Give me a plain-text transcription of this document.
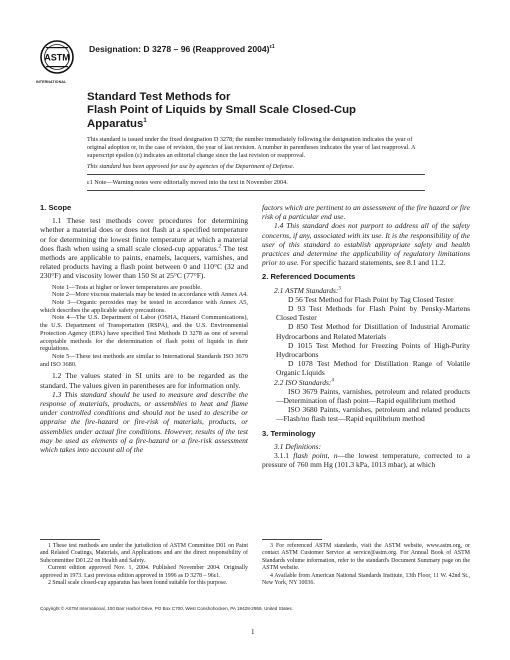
ASTM
INTERNATIONAL
Designation: D 3278 – 96 (Reapproved 2004)$^{\varepsilon 1}$
Standard Test Methods for
Flash Point of Liquids by Small Scale Closed-Cup
Apparatus$^1$
This standard is issued under the fixed designation D 3278; the number immediately following the designation indicates the year of original adoption or, in the case of revision, the year of last revision. A number in parentheses indicates the year of last reapproval. A superscript epsilon (ε) indicates an editorial change since the last revision or reapproval.
This standard has been approved for use by agencies of the Department of Defense.
ε1 Note—Warning notes were editorially moved into the text in November 2004.
1. Scope

1.1 These test methods cover procedures for determining whether a material does or does not flash at a specified temperature or for determining the lowest finite temperature at which a material does flash when using a small scale closed-cup apparatus.$^2$ The test methods are applicable to paints, enamels, lacquers, varnishes, and related products having a flash point between 0 and 110°C (32 and 230°F) and viscosity lower than 150 St at 25°C (77°F).

Note 1—Tests at higher or lower temperatures are possible.

Note 2—More viscous materials may be tested in accordance with Annex A4.

Note 3—Organic peroxides may be tested in accordance with Annex A5, which describes the applicable safety precautions.

Note 4—The U.S. Department of Labor (OSHA, Hazard Communications), the U.S. Department of Transportation (RSPA), and the U.S. Environmental Protection Agency (EPA) have specified Test Methods D 3278 as one of several acceptable methods for the determination of flash point of liquids in their regulations.

Note 5—These test methods are similar to International Standards ISO 3679 and ISO 3680.

1.2 The values stated in SI units are to be regarded as the standard. The values given in parentheses are for information only.

1.3 This standard should be used to measure and describe the response of materials, products, or assemblies to heat and flame under controlled conditions and should not be used to describe or appraise the fire-hazard or fire-risk of materials, products, or assemblies under actual fire conditions. However, results of the test may be used as elements of a fire-hazard or a fire-risk assessment which takes into account all of the

factors which are pertinent to an assessment of the fire hazard or fire risk of a particular end use.

1.4 This standard does not purport to address all of the safety concerns, if any, associated with its use. It is the responsibility of the user of this standard to establish appropriate safety and health practices and determine the applicability of regulatory limitations prior to use. For specific hazard statements, see 8.1 and 11.2.

2. Referenced Documents

2.1 ASTM Standards:$^3$

D 56 Test Method for Flash Point by Tag Closed Tester

D 93 Test Methods for Flash Point by Pensky-Martens Closed Tester

D 850 Test Method for Distillation of Industrial Aromatic Hydrocarbons and Related Materials

D 1015 Test Method for Freezing Points of High-Purity Hydrocarbons

D 1078 Test Method for Distillation Range of Volatile Organic Liquids

2.2 ISO Standards:$^4$

ISO 3679 Paints, varnishes, petroleum and related products—Determination of flash point—Rapid equilibrium method

ISO 3680 Paints, varnishes, petroleum and related products—Flash/no flash test—Rapid equilibrium method

3. Terminology

3.1 Definitions:

3.1.1 flash point, n—the lowest temperature, corrected to a pressure of 760 mm Hg (101.3 kPa, 1013 mbar), at which

1 These test methods are under the jurisdiction of ASTM Committee D01 on Paint and Related Coatings, Materials, and Applications and are the direct responsibility of Subcommittee D01.22 on Health and Safety.

Current edition approved Nov. 1, 2004. Published November 2004. Originally approved in 1973. Last previous edition approved in 1996 as D 3278 – 96ε1.

2 Small scale closed-cup apparatus has been found suitable for this purpose.

3 For referenced ASTM standards, visit the ASTM website, www.astm.org, or contact ASTM Customer Service at service@astm.org. For Annual Book of ASTM Standards volume information, refer to the standard's Document Summary page on the ASTM website.

4 Available from American National Standards Institute, 13th Floor, 11 W. 42nd St., New York, NY 10036.

Copyright © ASTM International, 100 Barr Harbor Drive, PO Box C700, West Conshohocken, PA 19428-2959, United States.
1
